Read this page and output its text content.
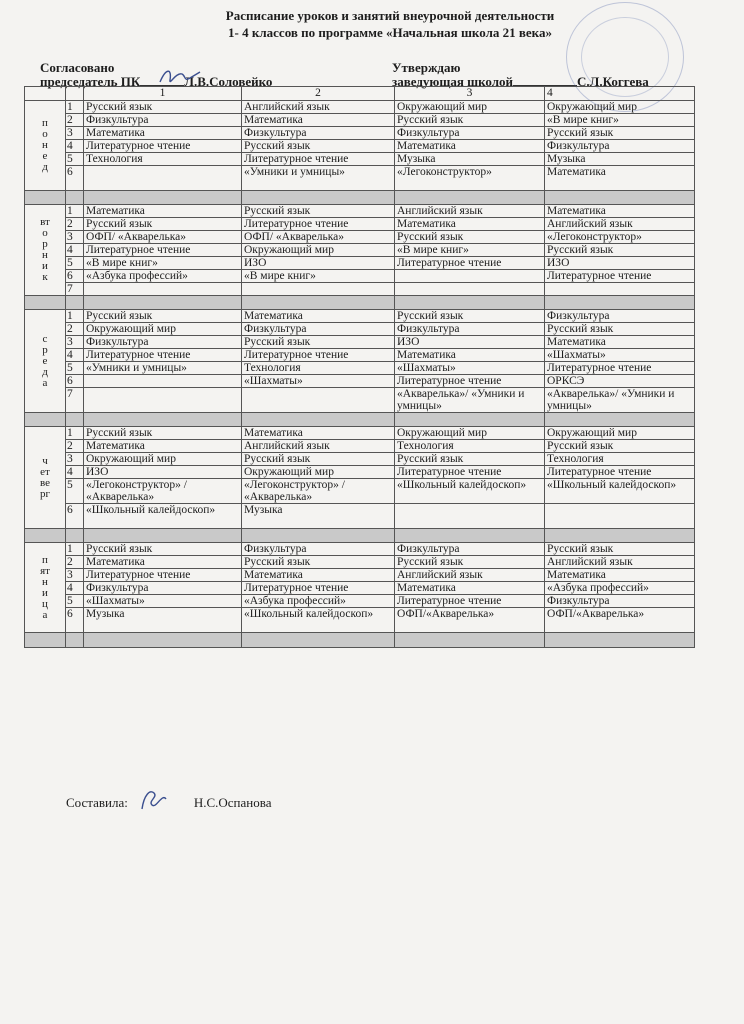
Расписание уроков и занятий внеурочной деятельности
1- 4 классов по программе «Начальная школа 21 века»
Согласовано
председатель ПК	Л.В.Соловейко
Утверждаю
заведующая школой	С.Л.Коггева
		1	2	3	4
понед	1	Русский язык	Английский язык	Окружающий мир	Окружающий мир
	2	Физкультура	Математика	Русский язык	«В мире книг»
	3	Математика	Физкультура	Физкультура	Русский язык
	4	Литературное чтение	Русский язык	Математика	Физкультура
	5	Технология	Литературное чтение	Музыка	Музыка
	6		«Умники и умницы»	«Легоконструктор»	Математика

вторник	1	Математика	Русский язык	Английский язык	Математика
	2	Русский язык	Литературное чтение	Математика	Английский язык
	3	ОФП/ «Акварелька»	ОФП/ «Акварелька»	Русский язык	«Легоконструктор»
	4	Литературное чтение	Окружающий мир	«В мире книг»	Русский язык
	5	«В мире книг»	ИЗО	Литературное чтение	ИЗО
	6	«Азбука профессий»	«В мире книг»		Литературное чтение
	7				

среда	1	Русский язык	Математика	Русский язык	Физкультура
	2	Окружающий мир	Физкультура	Физкультура	Русский язык
	3	Физкультура	Русский язык	ИЗО	Математика
	4	Литературное чтение	Литературное чтение	Математика	«Шахматы»
	5	«Умники и умницы»	Технология	«Шахматы»	Литературное чтение
	6		«Шахматы»	Литературное чтение	ОРКСЭ
	7			«Акварелька»/ «Умники и умницы»	«Акварелька»/ «Умники и умницы»

четверг	1	Русский язык	Математика	Окружающий мир	Окружающий мир
	2	Математика	Английский язык	Технология	Русский язык
	3	Окружающий мир	Русский язык	Русский язык	Технология
	4	ИЗО	Окружающий мир	Литературное чтение	Литературное чтение
	5	«Легоконструктор» / «Акварелька»	«Легоконструктор» / «Акварелька»	«Школьный калейдоскоп»	«Школьный калейдоскоп»
	6	«Школьный калейдоскоп»	Музыка		

пятница	1	Русский язык	Физкультура	Физкультура	Русский язык
	2	Математика	Русский язык	Русский язык	Английский язык
	3	Литературное чтение	Математика	Английский язык	Математика
	4	Физкультура	Литературное чтение	Математика	«Азбука профессий»
	5	«Шахматы»	«Азбука профессий»	Литературное чтение	Физкультура
	6	Музыка	«Школьный калейдоскоп»	ОФП/«Акварелька»	ОФП/«Акварелька»

Составила:	Н.С.Оспанова
